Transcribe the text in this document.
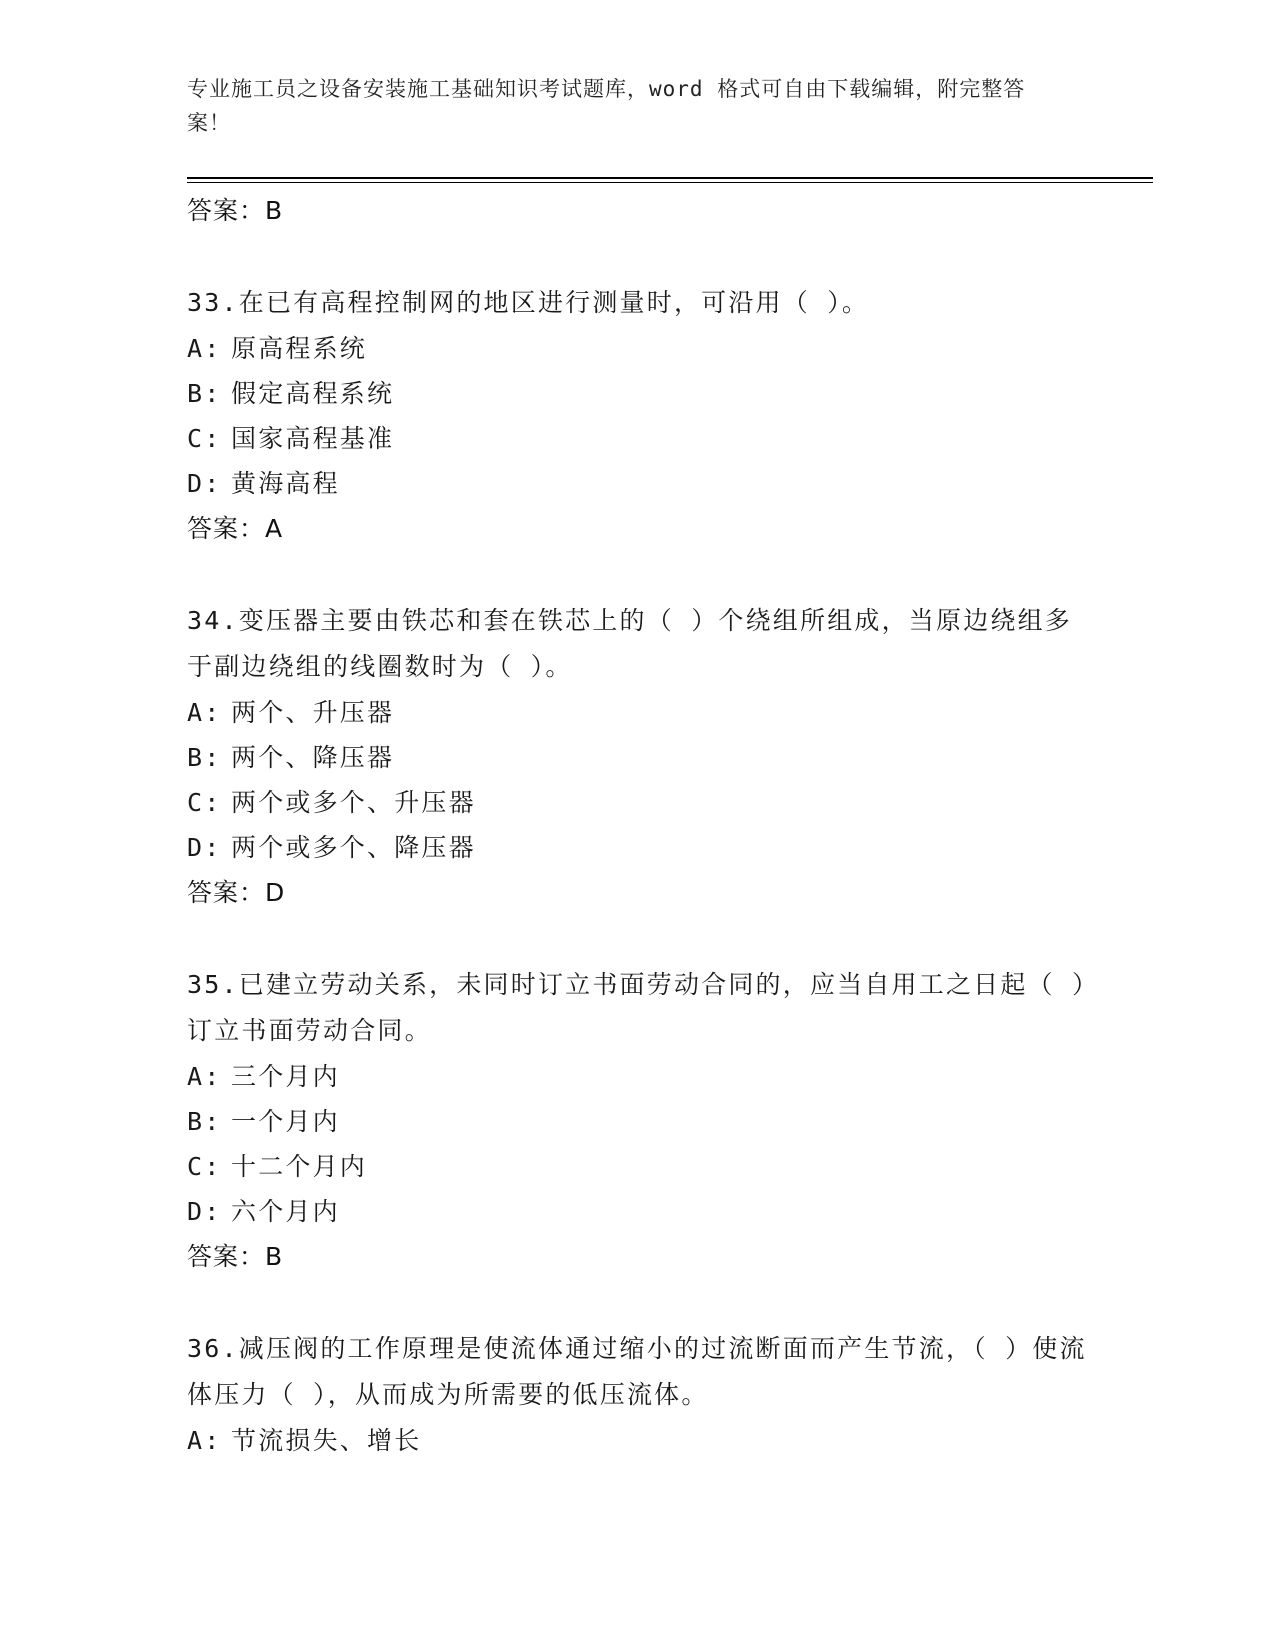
专业施工员之设备安装施工基础知识考试题库，word 格式可自由下载编辑，附完整答案！
答案：B
33.在已有高程控制网的地区进行测量时，可沿用（ ）。
A: 原高程系统
B: 假定高程系统
C: 国家高程基准
D: 黄海高程
答案：A
34.变压器主要由铁芯和套在铁芯上的（ ）个绕组所组成，当原边绕组多于副边绕组的线圈数时为（ ）。
A: 两个、升压器
B: 两个、降压器
C: 两个或多个、升压器
D: 两个或多个、降压器
答案：D
35.已建立劳动关系，未同时订立书面劳动合同的，应当自用工之日起（ ）订立书面劳动合同。
A: 三个月内
B: 一个月内
C: 十二个月内
D: 六个月内
答案：B
36.减压阀的工作原理是使流体通过缩小的过流断面而产生节流，（ ）使流体压力（ ），从而成为所需要的低压流体。
A: 节流损失、增长
